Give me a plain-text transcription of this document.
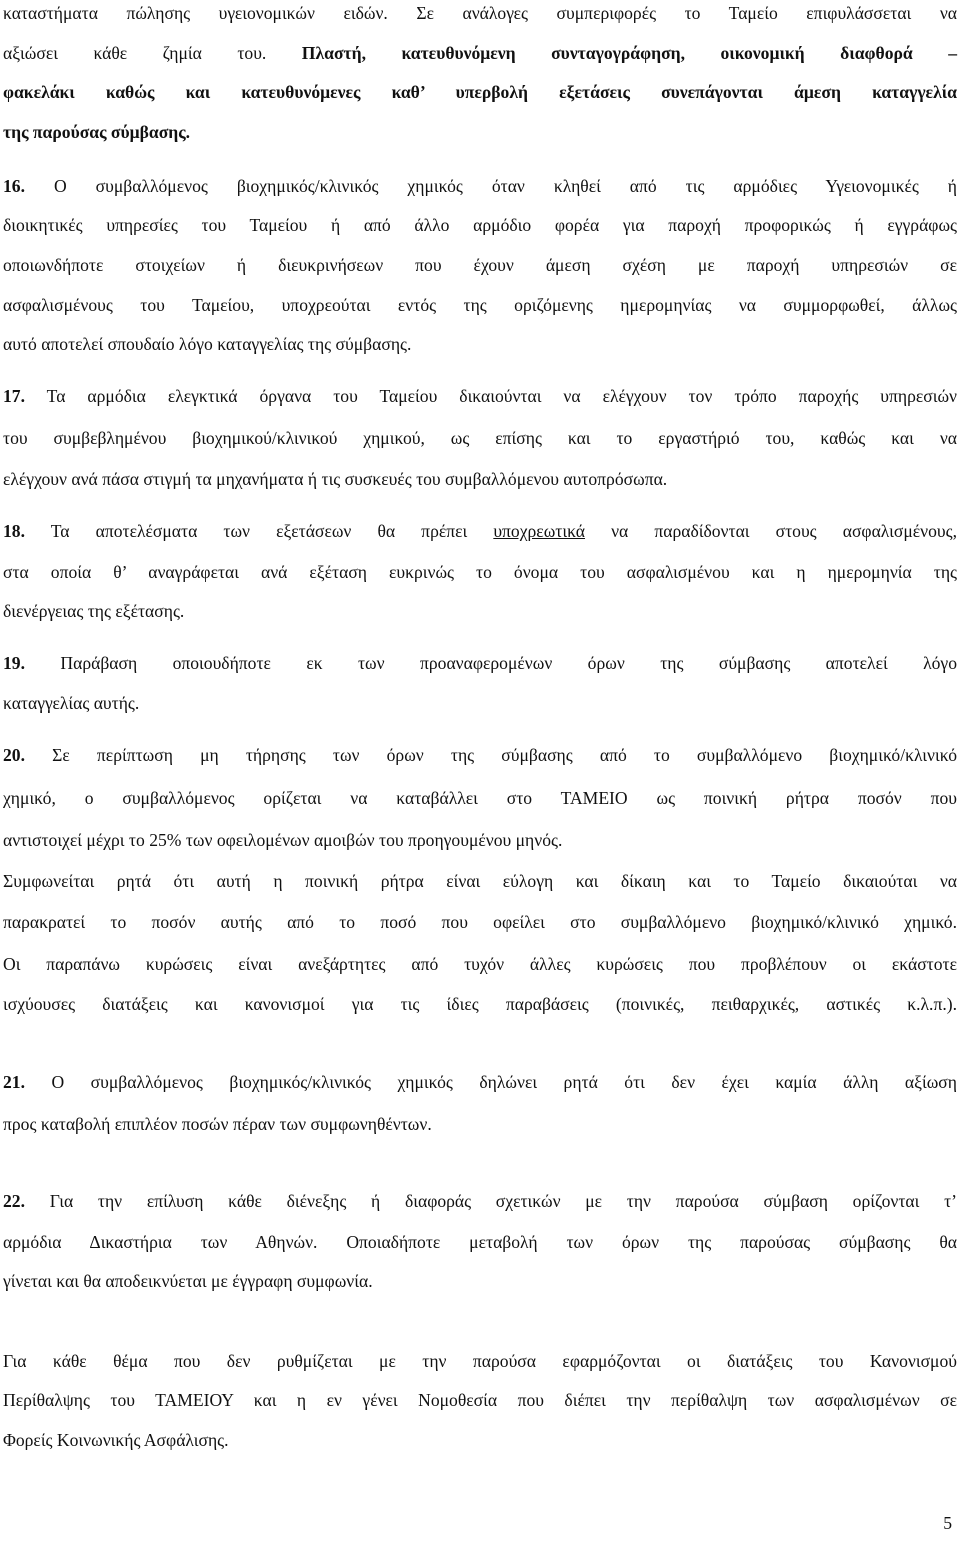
καταστήματα πώλησης υγειονομικών ειδών. Σε ανάλογες συμπεριφορές το Ταμείο επιφυλάσσεται να
αξιώσει κάθε ζημία του. Πλαστή, κατευθυνόμενη συνταγογράφηση, οικονομική διαφθορά –
φακελάκι καθώς και κατευθυνόμενες καθ’ υπερβολή εξετάσεις συνεπάγονται άμεση καταγγελία
της παρούσας σύμβασης.
16. Ο συμβαλλόμενος βιοχημικός/κλινικός χημικός όταν κληθεί από τις αρμόδιες Υγειονομικές ή
διοικητικές υπηρεσίες του Ταμείου ή από άλλο αρμόδιο φορέα για παροχή προφορικώς ή εγγράφως
οποιωνδήποτε στοιχείων ή διευκρινήσεων που έχουν άμεση σχέση με παροχή υπηρεσιών σε
ασφαλισμένους του Ταμείου, υποχρεούται εντός της οριζόμενης ημερομηνίας να συμμορφωθεί, άλλως
αυτό αποτελεί σπουδαίο λόγο καταγγελίας της σύμβασης.
17. Τα αρμόδια ελεγκτικά όργανα του Ταμείου δικαιούνται να ελέγχουν τον τρόπο παροχής υπηρεσιών
του συμβεβλημένου βιοχημικού/κλινικού χημικού, ως επίσης και το εργαστήριό του, καθώς και να
ελέγχουν ανά πάσα στιγμή τα μηχανήματα ή τις συσκευές του συμβαλλόμενου αυτοπρόσωπα.
18. Τα αποτελέσματα των εξετάσεων θα πρέπει υποχρεωτικά να παραδίδονται στους ασφαλισμένους,
στα οποία θ’ αναγράφεται ανά εξέταση ευκρινώς το όνομα του ασφαλισμένου και η ημερομηνία της
διενέργειας της εξέτασης.
19. Παράβαση οποιουδήποτε εκ των προαναφερομένων όρων της σύμβασης αποτελεί λόγο
καταγγελίας αυτής.
20. Σε περίπτωση μη τήρησης των όρων της σύμβασης από το συμβαλλόμενο βιοχημικό/κλινικό
χημικό, ο συμβαλλόμενος ορίζεται να καταβάλλει στο ΤΑΜΕΙΟ ως ποινική ρήτρα ποσόν που
αντιστοιχεί μέχρι το 25% των οφειλομένων αμοιβών του προηγουμένου μηνός.
Συμφωνείται ρητά ότι αυτή η ποινική ρήτρα είναι εύλογη και δίκαιη και το Ταμείο δικαιούται να
παρακρατεί το ποσόν αυτής από το ποσό που οφείλει στο συμβαλλόμενο βιοχημικό/κλινικό χημικό.
Οι παραπάνω κυρώσεις είναι ανεξάρτητες από τυχόν άλλες κυρώσεις που προβλέπουν οι εκάστοτε
ισχύουσες διατάξεις και κανονισμοί για τις ίδιες παραβάσεις (ποινικές, πειθαρχικές, αστικές κ.λ.π.).
21. Ο συμβαλλόμενος βιοχημικός/κλινικός χημικός δηλώνει ρητά ότι δεν έχει καμία άλλη αξίωση
προς καταβολή επιπλέον ποσών πέραν των συμφωνηθέντων.
22. Για την επίλυση κάθε διένεξης ή διαφοράς σχετικών με την παρούσα σύμβαση ορίζονται τ’
αρμόδια Δικαστήρια των Αθηνών. Οποιαδήποτε μεταβολή των όρων της παρούσας σύμβασης θα
γίνεται και θα αποδεικνύεται με έγγραφη συμφωνία.
Για κάθε θέμα που δεν ρυθμίζεται με την παρούσα εφαρμόζονται οι διατάξεις του Κανονισμού
Περίθαλψης του ΤΑΜΕΙΟΥ και η εν γένει Νομοθεσία που διέπει την περίθαλψη των ασφαλισμένων σε
Φορείς Κοινωνικής Ασφάλισης.
5
